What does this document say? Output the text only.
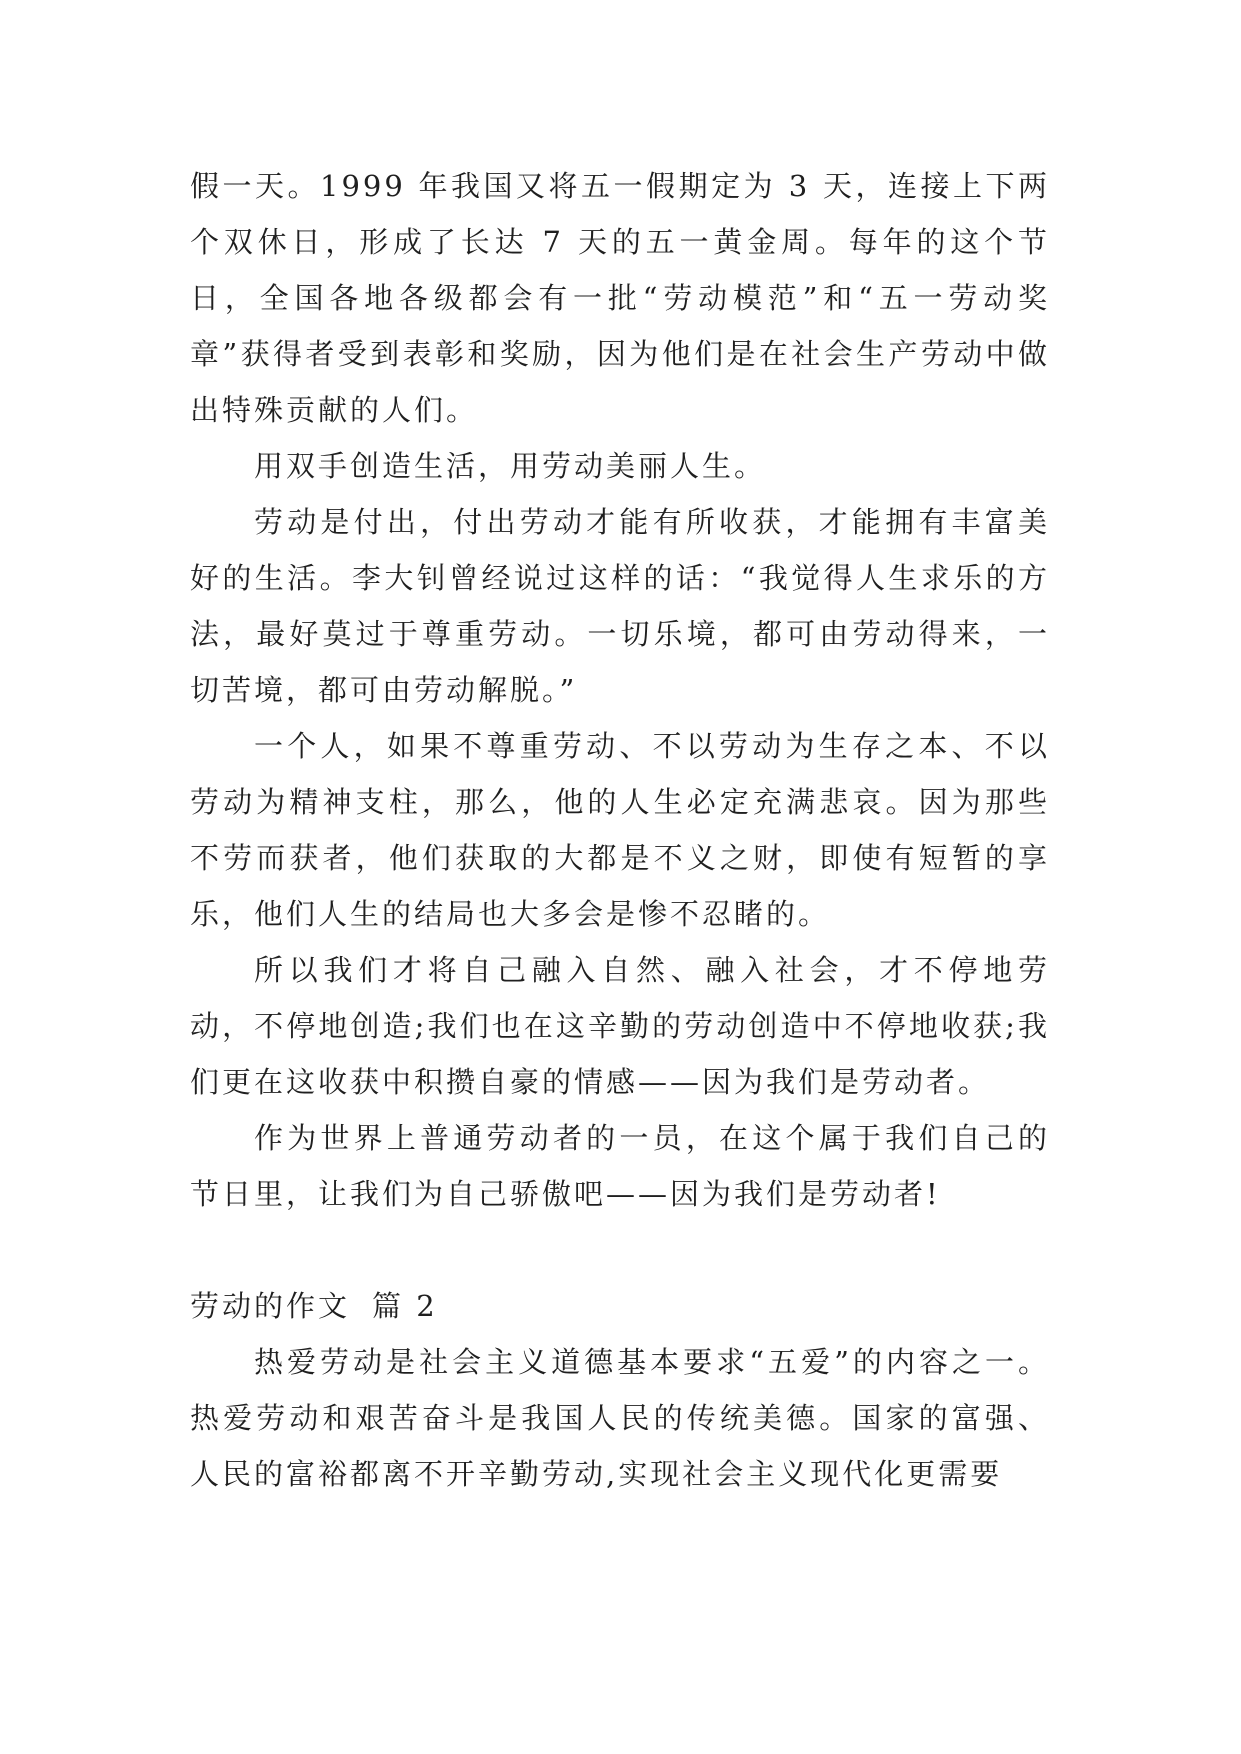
假一天。1999 年我国又将五一假期定为 3 天，连接上下两个双休日，形成了长达 7 天的五一黄金周。每年的这个节日，全国各地各级都会有一批“劳动模范”和“五一劳动奖章”获得者受到表彰和奖励，因为他们是在社会生产劳动中做出特殊贡献的人们。

用双手创造生活，用劳动美丽人生。

劳动是付出，付出劳动才能有所收获，才能拥有丰富美好的生活。李大钊曾经说过这样的话：“我觉得人生求乐的方法，最好莫过于尊重劳动。一切乐境，都可由劳动得来，一切苦境，都可由劳动解脱。”

一个人，如果不尊重劳动、不以劳动为生存之本、不以劳动为精神支柱，那么，他的人生必定充满悲哀。因为那些不劳而获者，他们获取的大都是不义之财，即使有短暂的享乐，他们人生的结局也大多会是惨不忍睹的。

所以我们才将自己融入自然、融入社会，才不停地劳动，不停地创造;我们也在这辛勤的劳动创造中不停地收获;我们更在这收获中积攒自豪的情感——因为我们是劳动者。

作为世界上普通劳动者的一员，在这个属于我们自己的节日里，让我们为自己骄傲吧——因为我们是劳动者!

劳动的作文 篇 2

热爱劳动是社会主义道德基本要求“五爱”的内容之一。热爱劳动和艰苦奋斗是我国人民的传统美德。国家的富强、人民的富裕都离不开辛勤劳动,实现社会主义现代化更需要
